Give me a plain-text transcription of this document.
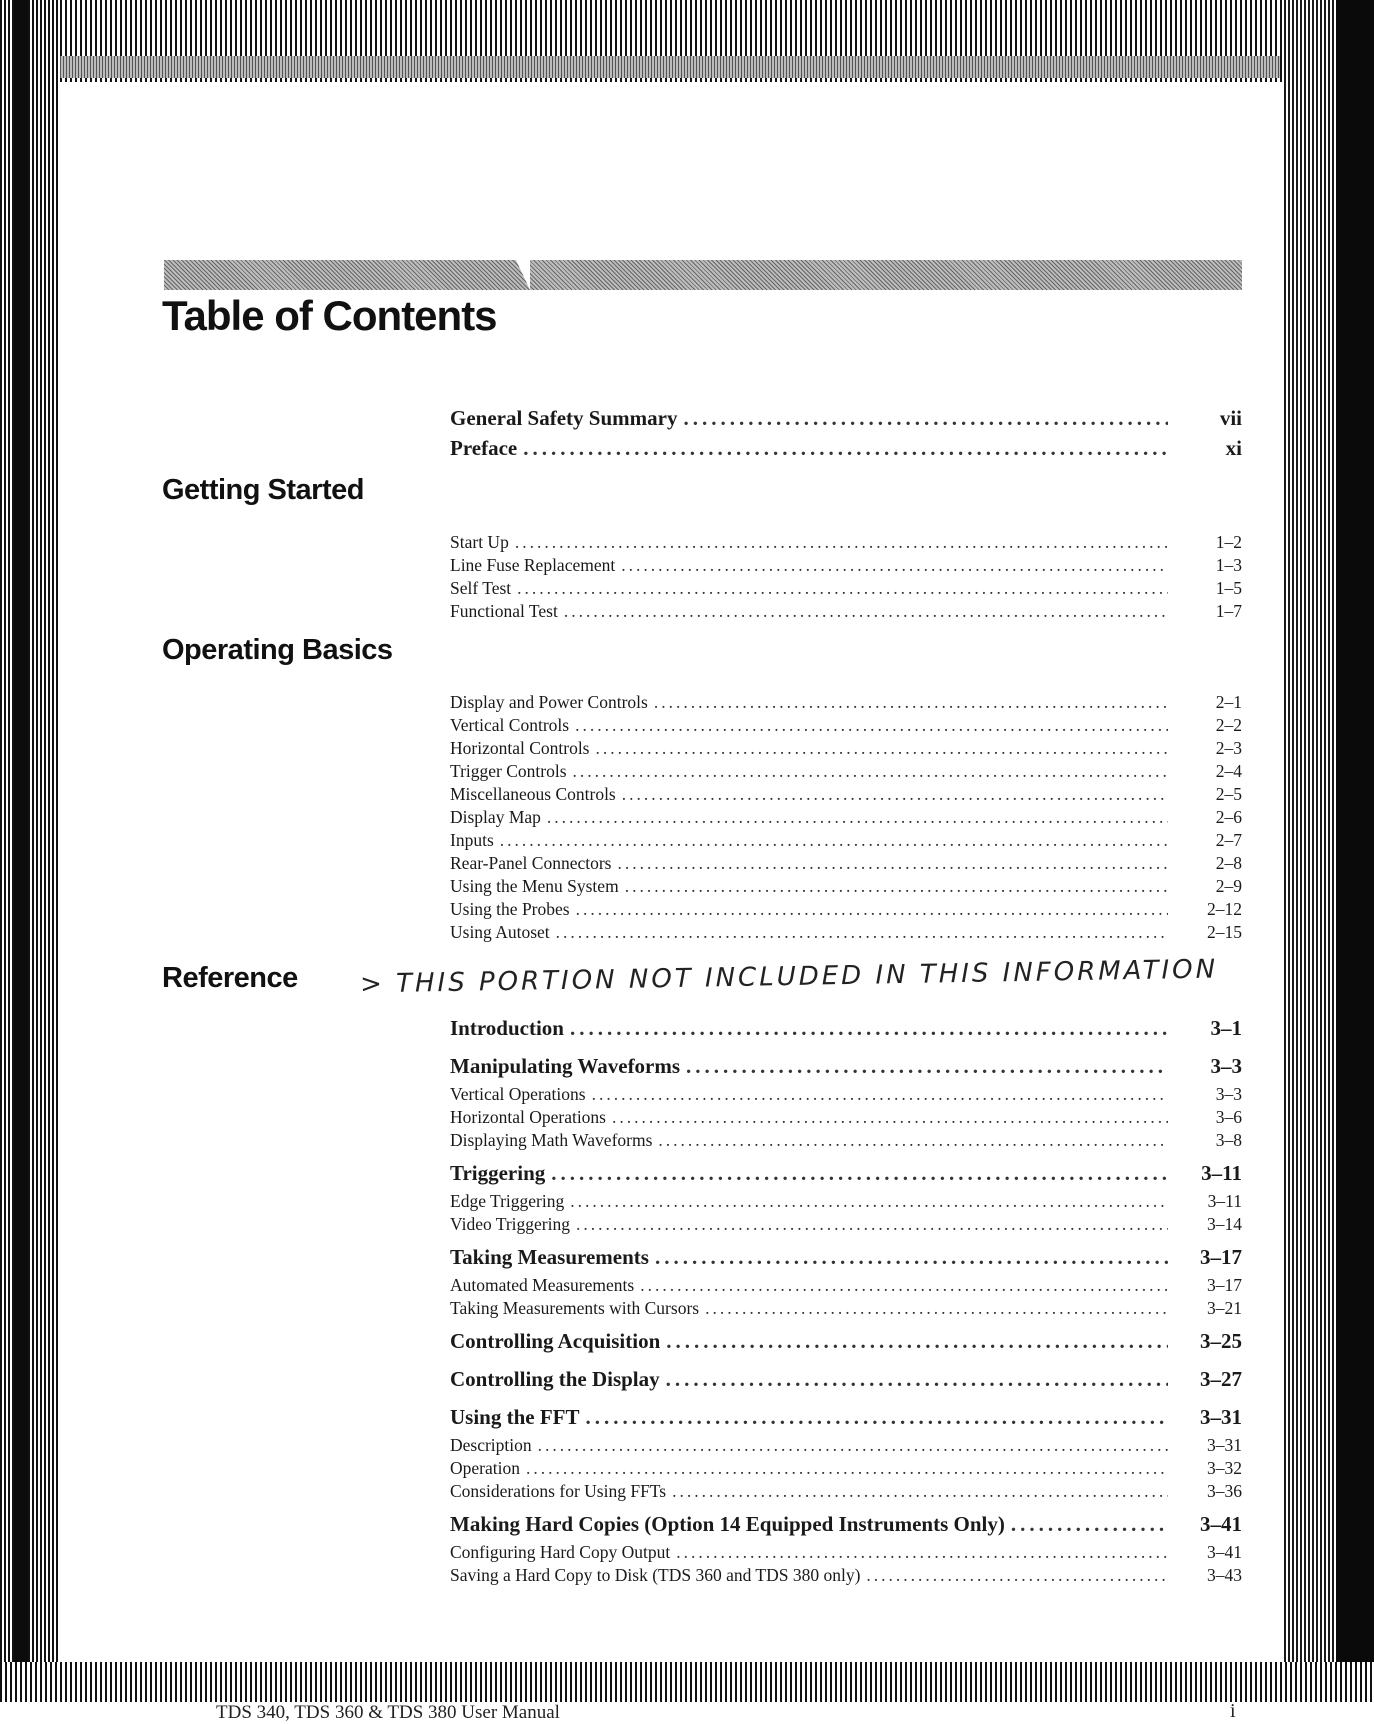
Table of Contents
General Safety Summary .....	vii
Preface .....	xi
Getting Started
Start Up .....	1–2
Line Fuse Replacement .....	1–3
Self Test .....	1–5
Functional Test .....	1–7
Operating Basics
Display and Power Controls .....	2–1
Vertical Controls .....	2–2
Horizontal Controls .....	2–3
Trigger Controls .....	2–4
Miscellaneous Controls .....	2–5
Display Map .....	2–6
Inputs .....	2–7
Rear-Panel Connectors .....	2–8
Using the Menu System .....	2–9
Using the Probes .....	2–12
Using Autoset .....	2–15
Reference > THIS PORTION NOT INCLUDED IN THIS INFORMATION
Introduction .....	3–1
Manipulating Waveforms .....	3–3
Vertical Operations .....	3–3
Horizontal Operations .....	3–6
Displaying Math Waveforms .....	3–8
Triggering .....	3–11
Edge Triggering .....	3–11
Video Triggering .....	3–14
Taking Measurements .....	3–17
Automated Measurements .....	3–17
Taking Measurements with Cursors .....	3–21
Controlling Acquisition .....	3–25
Controlling the Display .....	3–27
Using the FFT .....	3–31
Description .....	3–31
Operation .....	3–32
Considerations for Using FFTs .....	3–36
Making Hard Copies (Option 14 Equipped Instruments Only) .....	3–41
Configuring Hard Copy Output .....	3–41
Saving a Hard Copy to Disk (TDS 360 and TDS 380 only) .....	3–43
TDS 340, TDS 360 & TDS 380 User Manual	i
